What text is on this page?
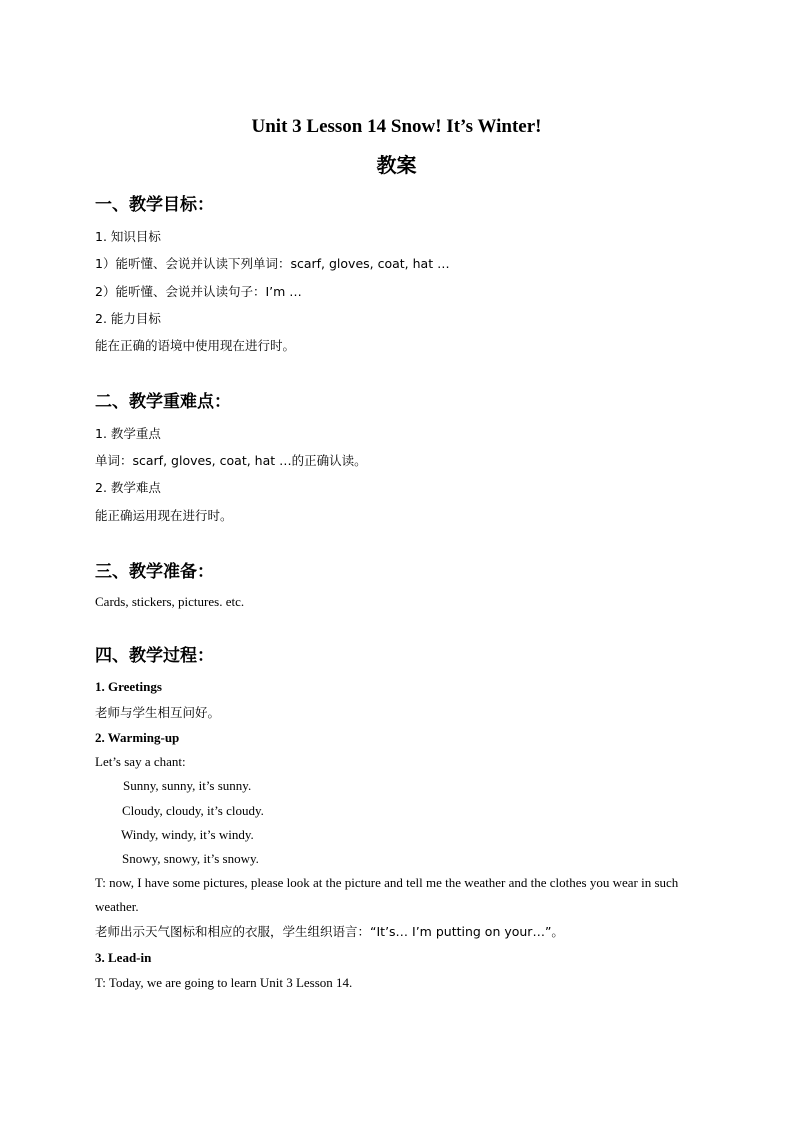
Unit 3 Lesson 14 Snow! It’s Winter!
教案
一、教学目标：
1. 知识目标
1）能听懂、会说并认读下列单词：scarf, gloves, coat, hat …
2）能听懂、会说并认读句子：I’m …
2. 能力目标
能在正确的语境中使用现在进行时。
二、教学重难点：
1. 教学重点
单词：scarf, gloves, coat, hat …的正确认读。
2. 教学难点
能正确运用现在进行时。
三、教学准备：
Cards, stickers, pictures. etc.
四、教学过程：
1. Greetings
老师与学生相互问好。
2. Warming-up
Let’s say a chant:
Sunny, sunny, it’s sunny.
Cloudy, cloudy, it’s cloudy.
Windy, windy, it’s windy.
Snowy, snowy, it’s snowy.
T: now, I have some pictures, please look at the picture and tell me the weather and the clothes you wear in such weather.
老师出示天气图标和相应的衣服，学生组织语言：“It’s… I’m putting on your…”。
3. Lead-in
T: Today, we are going to learn Unit 3 Lesson 14.
